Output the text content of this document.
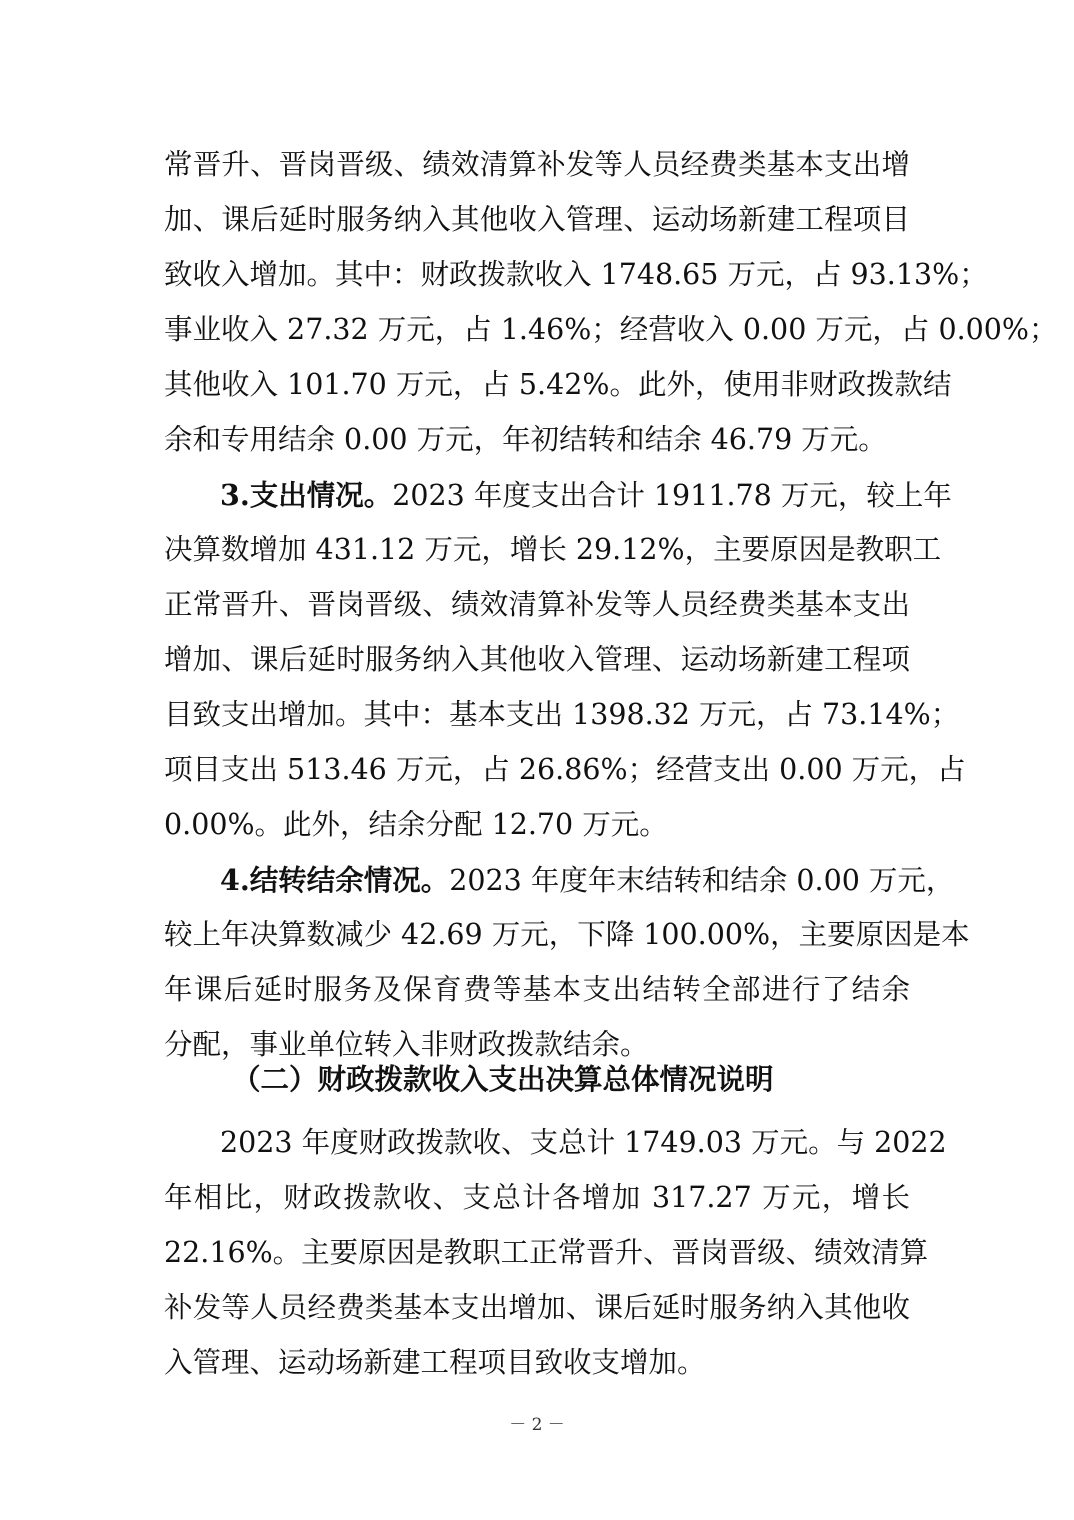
常晋升、晋岗晋级、绩效清算补发等人员经费类基本支出增
加、课后延时服务纳入其他收入管理、运动场新建工程项目
致收入增加。其中：财政拨款收入 1748.65 万元，占 93.13%；
事业收入 27.32 万元，占 1.46%；经营收入 0.00 万元，占 0.00%；
其他收入 101.70 万元，占 5.42%。此外，使用非财政拨款结
余和专用结余 0.00 万元，年初结转和结余 46.79 万元。
3.支出情况。2023 年度支出合计 1911.78 万元，较上年
决算数增加 431.12 万元，增长 29.12%，主要原因是教职工
正常晋升、晋岗晋级、绩效清算补发等人员经费类基本支出
增加、课后延时服务纳入其他收入管理、运动场新建工程项
目致支出增加。其中：基本支出 1398.32 万元，占 73.14%；
项目支出 513.46 万元，占 26.86%；经营支出 0.00 万元，占
0.00%。此外，结余分配 12.70 万元。
4.结转结余情况。2023 年度年末结转和结余 0.00 万元，
较上年决算数减少 42.69 万元，下降 100.00%，主要原因是本
年课后延时服务及保育费等基本支出结转全部进行了结余
分配，事业单位转入非财政拨款结余。
（二）财政拨款收入支出决算总体情况说明
2023 年度财政拨款收、支总计 1749.03 万元。与 2022
年相比，财政拨款收、支总计各增加 317.27 万元，增长
22.16%。主要原因是教职工正常晋升、晋岗晋级、绩效清算
补发等人员经费类基本支出增加、课后延时服务纳入其他收
入管理、运动场新建工程项目致收支增加。
－ 2 －
